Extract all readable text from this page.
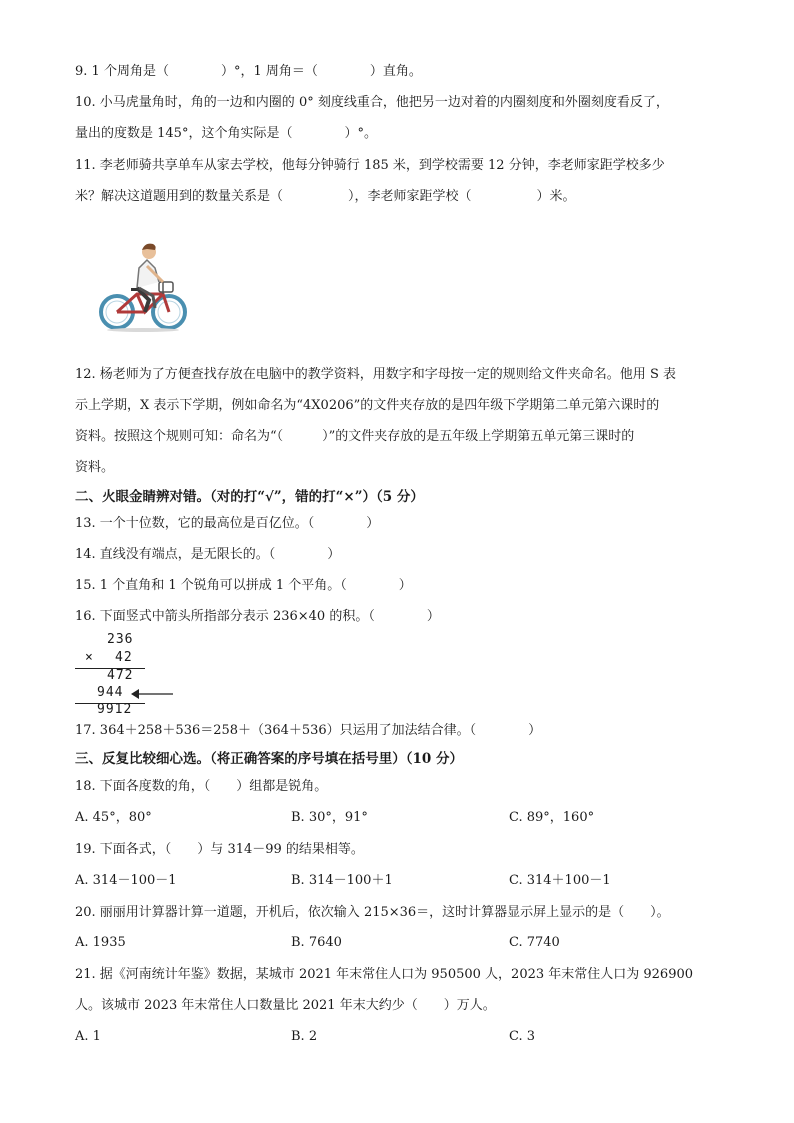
9. 1 个周角是（　　　　）°，1 周角＝（　　　　）直角。
10. 小马虎量角时，角的一边和内圈的 0° 刻度线重合，他把另一边对着的内圈刻度和外圈刻度看反了，
量出的度数是 145°，这个角实际是（　　　　）°。
11. 李老师骑共享单车从家去学校，他每分钟骑行 185 米，到学校需要 12 分钟，李老师家距学校多少
米？解决这道题用到的数量关系是（　　　　　），李老师家距学校（　　　　　）米。
12. 杨老师为了方便查找存放在电脑中的教学资料，用数字和字母按一定的规则给文件夹命名。他用 S 表
示上学期，X 表示下学期，例如命名为“4X0206”的文件夹存放的是四年级下学期第二单元第六课时的
资料。按照这个规则可知：命名为“（　　　）”的文件夹存放的是五年级上学期第五单元第三课时的
资料。
二、火眼金睛辨对错。（对的打“√”，错的打“×”）（5 分）
13. 一个十位数，它的最高位是百亿位。（　　　　）
14. 直线没有端点，是无限长的。（　　　　）
15. 1 个直角和 1 个锐角可以拼成 1 个平角。（　　　　）
16. 下面竖式中箭头所指部分表示 236×40 的积。（　　　　）
236
× 42
472
944
9912
17. 364＋258＋536＝258＋（364＋536）只运用了加法结合律。（　　　　）
三、反复比较细心选。（将正确答案的序号填在括号里）（10 分）
18. 下面各度数的角，（　　）组都是锐角。
A. 45°，80°	B. 30°，91°	C. 89°，160°
19. 下面各式，（　　）与 314－99 的结果相等。
A. 314－100－1	B. 314－100＋1	C. 314＋100－1
20. 丽丽用计算器计算一道题，开机后，依次输入 215×36＝，这时计算器显示屏上显示的是（　　）。
A. 1935	B. 7640	C. 7740
21. 据《河南统计年鉴》数据，某城市 2021 年末常住人口为 950500 人，2023 年末常住人口为 926900
人。该城市 2023 年末常住人口数量比 2021 年末大约少（　　）万人。
A. 1	B. 2	C. 3
